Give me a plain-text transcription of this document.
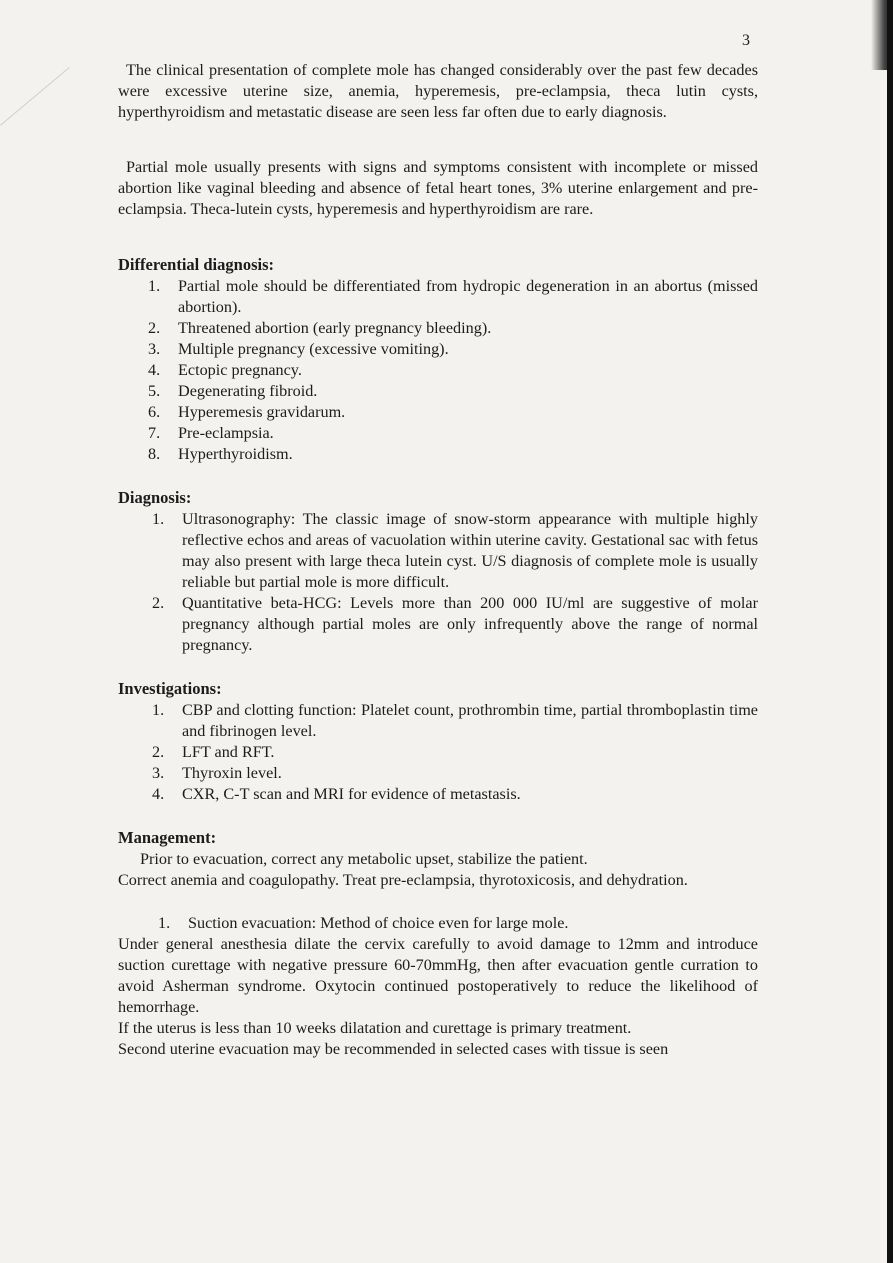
3

The clinical presentation of complete mole has changed considerably over the past few decades were excessive uterine size, anemia, hyperemesis, pre-eclampsia, theca lutin cysts, hyperthyroidism and metastatic disease are seen less far often due to early diagnosis.

Partial mole usually presents with signs and symptoms consistent with incomplete or missed abortion like vaginal bleeding and absence of fetal heart tones, 3% uterine enlargement and pre-eclampsia. Theca-lutein cysts, hyperemesis and hyperthyroidism are rare.

Differential diagnosis:
1.	Partial mole should be differentiated from hydropic degeneration in an abortus (missed abortion).
2.	Threatened abortion (early pregnancy bleeding).
3.	Multiple pregnancy (excessive vomiting).
4.	Ectopic pregnancy.
5.	Degenerating fibroid.
6.	Hyperemesis gravidarum.
7.	Pre-eclampsia.
8.	Hyperthyroidism.
Diagnosis:
1.	Ultrasonography: The classic image of snow-storm appearance with multiple highly reflective echos and areas of vacuolation within uterine cavity. Gestational sac with fetus may also present with large theca lutein cyst. U/S diagnosis of complete mole is usually reliable but partial mole is more difficult.
2.	Quantitative beta-HCG: Levels more than 200 000 IU/ml are suggestive of molar pregnancy although partial moles are only infrequently above the range of normal pregnancy.
Investigations:
1.	CBP and clotting function: Platelet count, prothrombin time, partial thromboplastin time and fibrinogen level.
2.	LFT and RFT.
3.	Thyroxin level.
4.	CXR, C-T scan and MRI for evidence of metastasis.
Management:

Prior to evacuation, correct any metabolic upset, stabilize the patient.

Correct anemia and coagulopathy. Treat pre-eclampsia, thyrotoxicosis, and dehydration.

1.	Suction evacuation: Method of choice even for large mole.

Under general anesthesia dilate the cervix carefully to avoid damage to 12mm and introduce suction curettage with negative pressure 60-70mmHg, then after evacuation gentle curration to avoid Asherman syndrome. Oxytocin continued postoperatively to reduce the likelihood of hemorrhage.

If the uterus is less than 10 weeks dilatation and curettage is primary treatment.

Second uterine evacuation may be recommended in selected cases with tissue is seen
